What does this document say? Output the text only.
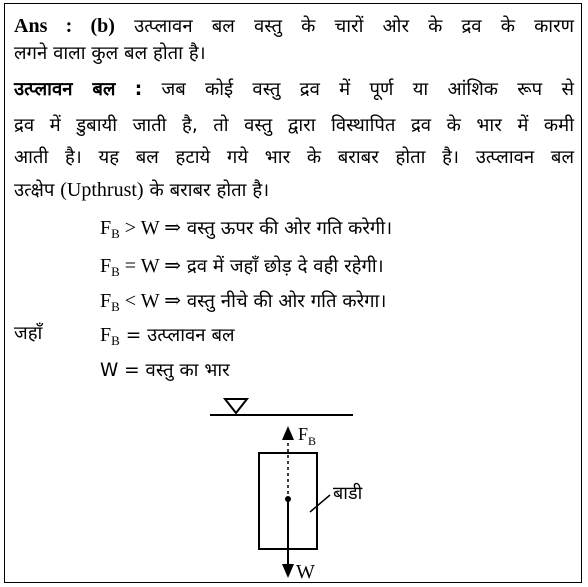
Ans : (b) उत्प्लावन बल वस्तु के चारों ओर के द्रव के कारण
लगने वाला कुल बल होता है।
उत्प्लावन बल : जब कोई वस्तु द्रव में पूर्ण या आंशिक रूप से
द्रव में डुबायी जाती है, तो वस्तु द्वारा विस्थापित द्रव के भार में कमी
आती है। यह बल हटाये गये भार के बराबर होता है। उत्प्लावन बल
उत्क्षेप (Upthrust) के बराबर होता है।
$F_B > W$ ⇒ वस्तु ऊपर की ओर गति करेगी।
$F_B = W$ ⇒ द्रव में जहाँ छोड़ दे वही रहेगी।
$F_B < W$ ⇒ वस्तु नीचे की ओर गति करेगा।
जहाँ	$F_B$ = उत्प्लावन बल
W = वस्तु का भार
$F_B$
W
बाडी
